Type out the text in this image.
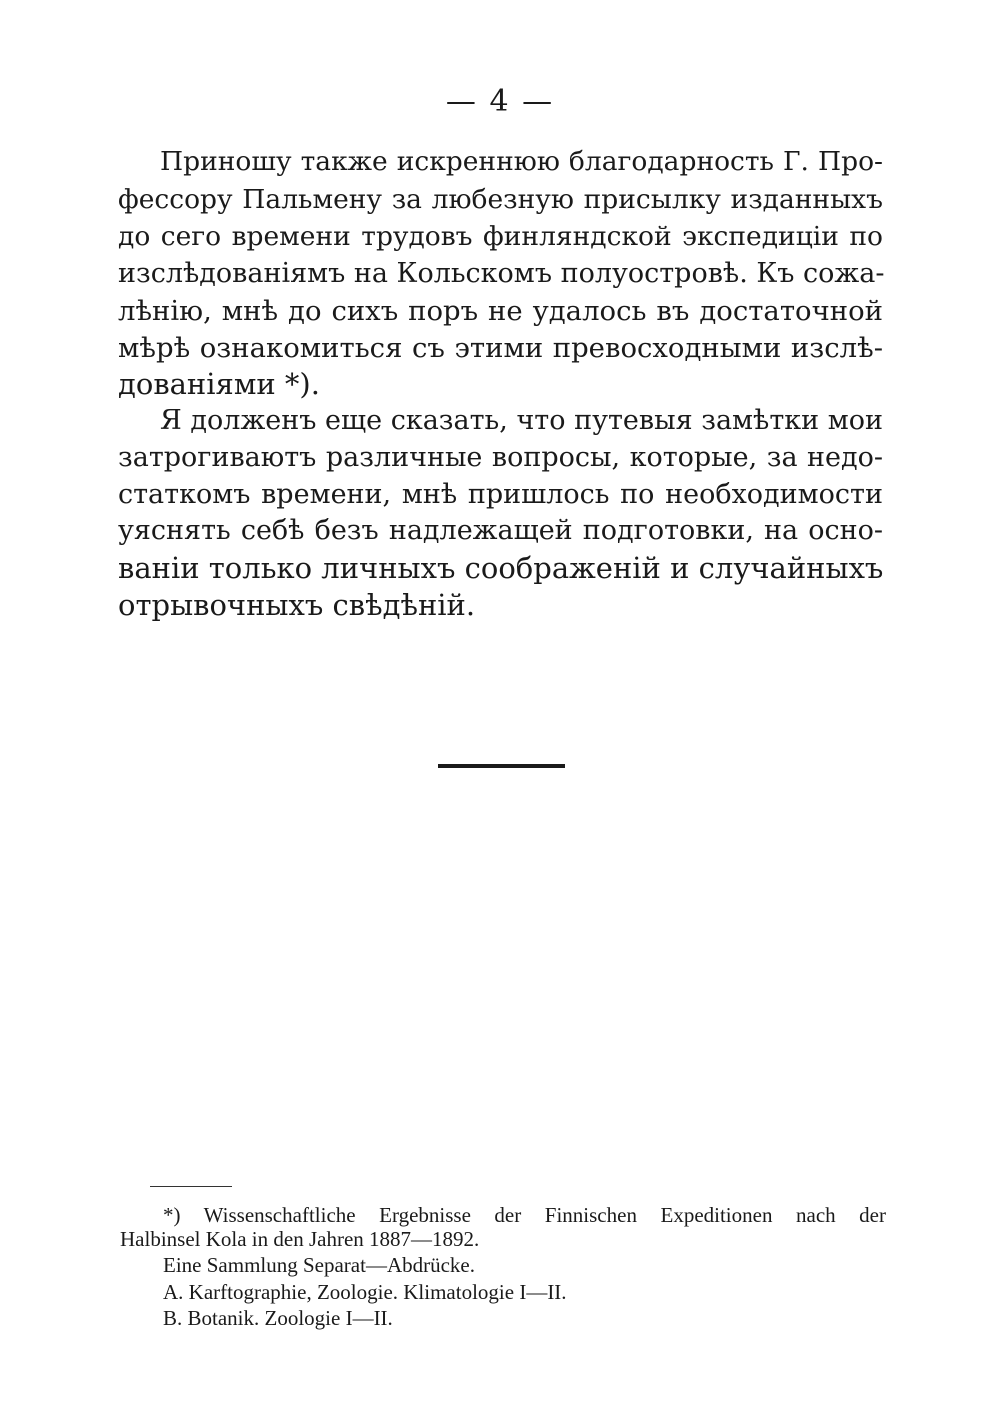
— 4 —
Приношу также искреннюю благодарность Г. Про-
фессору Пальмену за любезную присылку изданныхъ
до сего времени трудовъ финляндской экспедиціи по
изслѣдованіямъ на Кольскомъ полуостровѣ. Къ сожа-
лѣнію, мнѣ до сихъ поръ не удалось въ достаточной
мѣрѣ ознакомиться съ этими превосходными изслѣ-
дованіями *).
Я долженъ еще сказать, что путевыя замѣтки мои
затрогиваютъ различные вопросы, которые, за недо-
статкомъ времени, мнѣ пришлось по необходимости
уяснять себѣ безъ надлежащей подготовки, на осно-
ваніи только личныхъ соображеній и случайныхъ
отрывочныхъ свѣдѣній.
*) Wissenschaftliche Ergebnisse der Finnischen Expeditionen nach der
Halbinsel Kola in den Jahren 1887—1892.
Eine Sammlung Separat—Abdrücke.
A. Karftographie, Zoologie. Klimatologie I—II.
B. Botanik. Zoologie I—II.
